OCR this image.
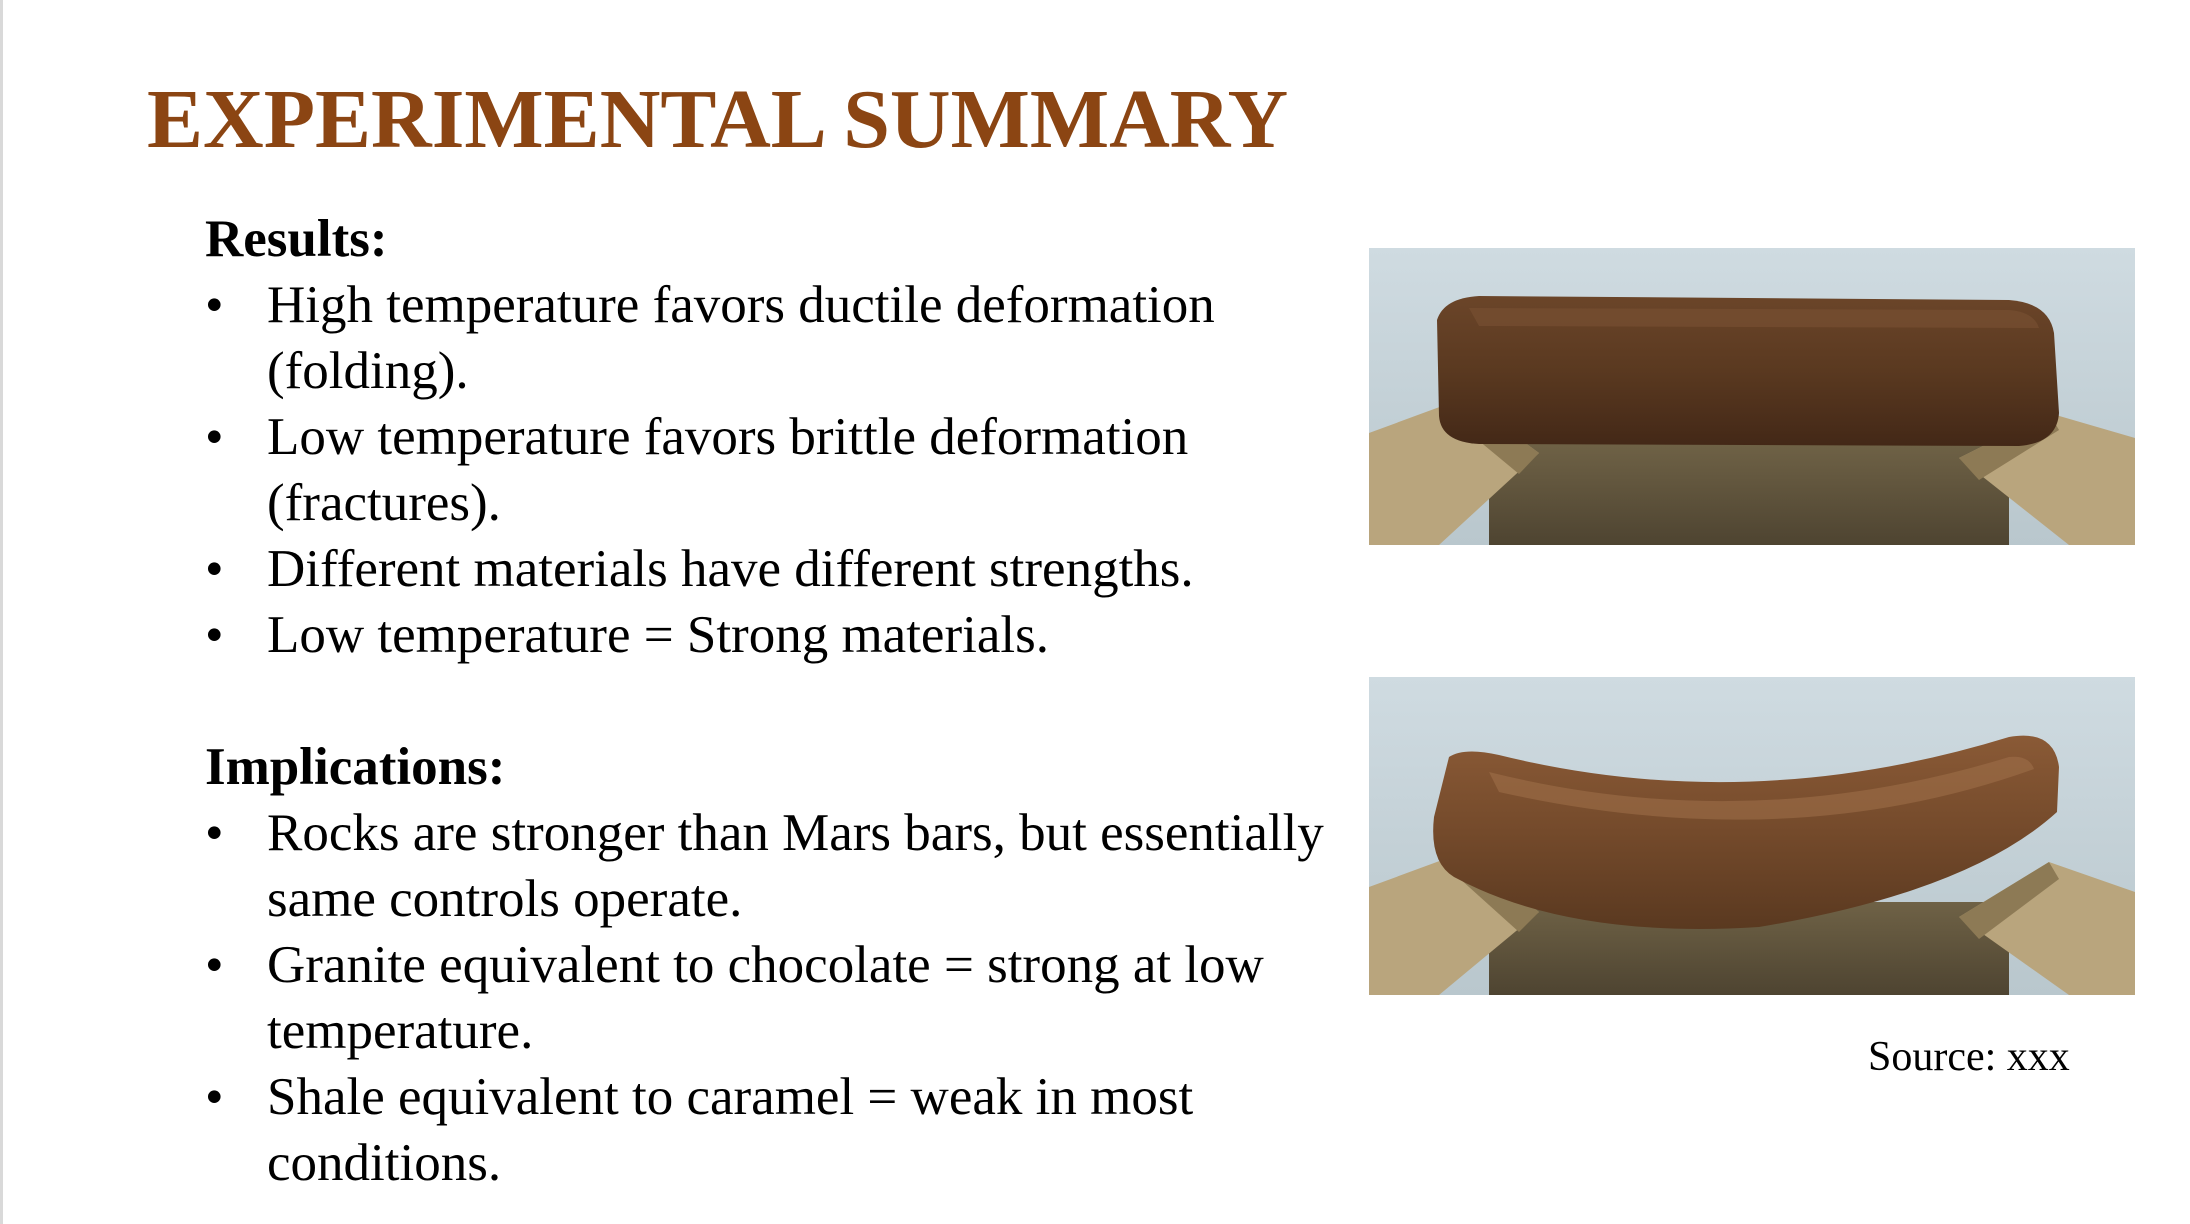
EXPERIMENTAL SUMMARY
Results:
• High temperature favors ductile deformation (folding).
• Low temperature favors brittle deformation (fractures).
• Different materials have different strengths.
• Low temperature = Strong materials.
Implications:
• Rocks are stronger than Mars bars, but essentially same controls operate.
• Granite equivalent to chocolate = strong at low temperature.
• Shale equivalent to caramel = weak in most conditions.
Source: xxx
